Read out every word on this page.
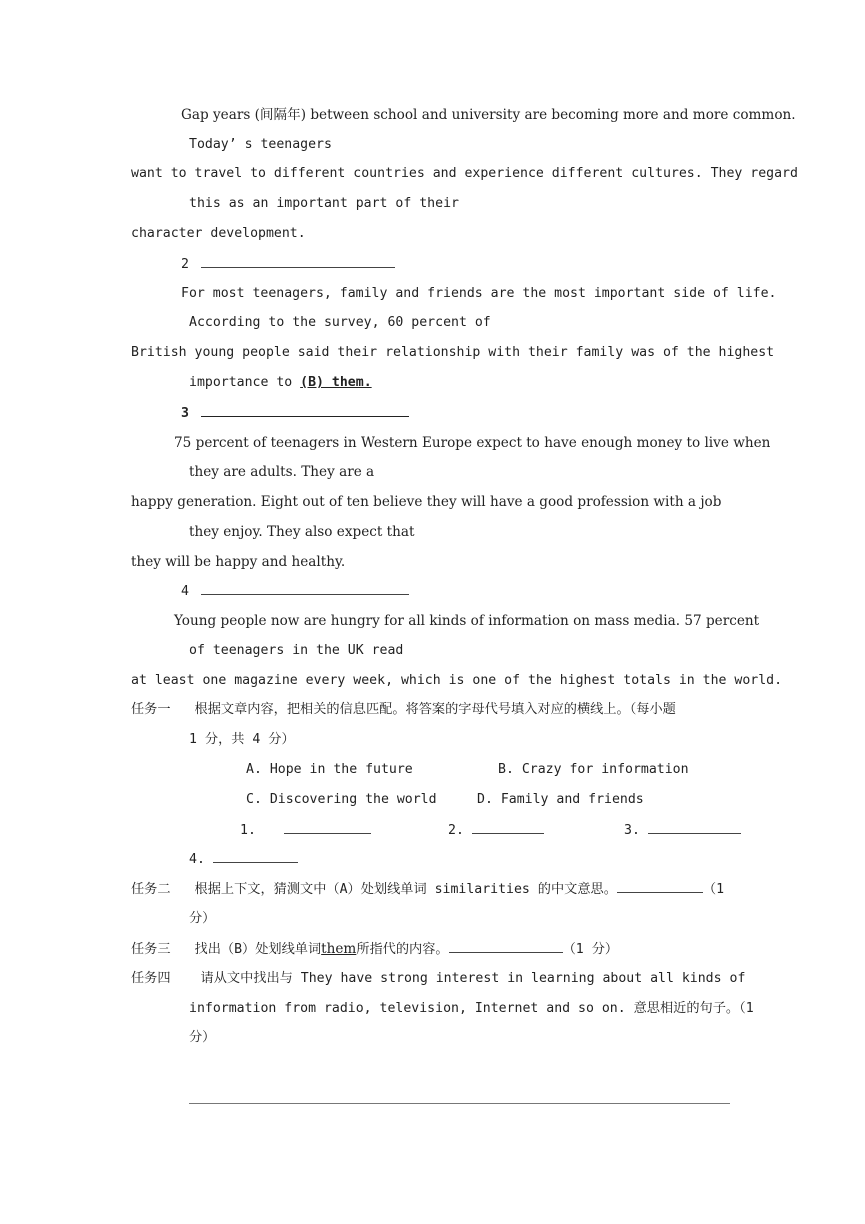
Gap years (间隔年) between school and university are becoming more and more common.
Today’ s teenagers
want to travel to different countries and experience different cultures. They regard
this as an important part of their
character development.
2
For most teenagers, family and friends are the most important side of life.
According to the survey, 60 percent of
British young people said their relationship with their family was of the highest
importance to (B) them.
3
75 percent of teenagers in Western Europe expect to have enough money to live when
they are adults. They are a
happy generation. Eight out of ten believe they will have a good profession with a job
they enjoy. They also expect that
they will be happy and healthy.
4
Young people now are hungry for all kinds of information on mass media. 57 percent
of teenagers in the UK read
at least one magazine every week, which is one of the highest totals in the world.
任务一 根据文章内容，把相关的信息匹配。将答案的字母代号填入对应的横线上。（每小题
1 分，共 4 分）
A. Hope in the future	B. Crazy for information
C. Discovering the world	D. Family and friends
1.	2.	3.
4.
任务二 根据上下文，猜测文中（A）处划线单词 similarities 的中文意思。	（1
分）
任务三 找出（B）处划线单词them所指代的内容。	（1 分）
任务四 请从文中找出与 They have strong interest in learning about all kinds of
information from radio, television, Internet and so on. 意思相近的句子。（1
分）
